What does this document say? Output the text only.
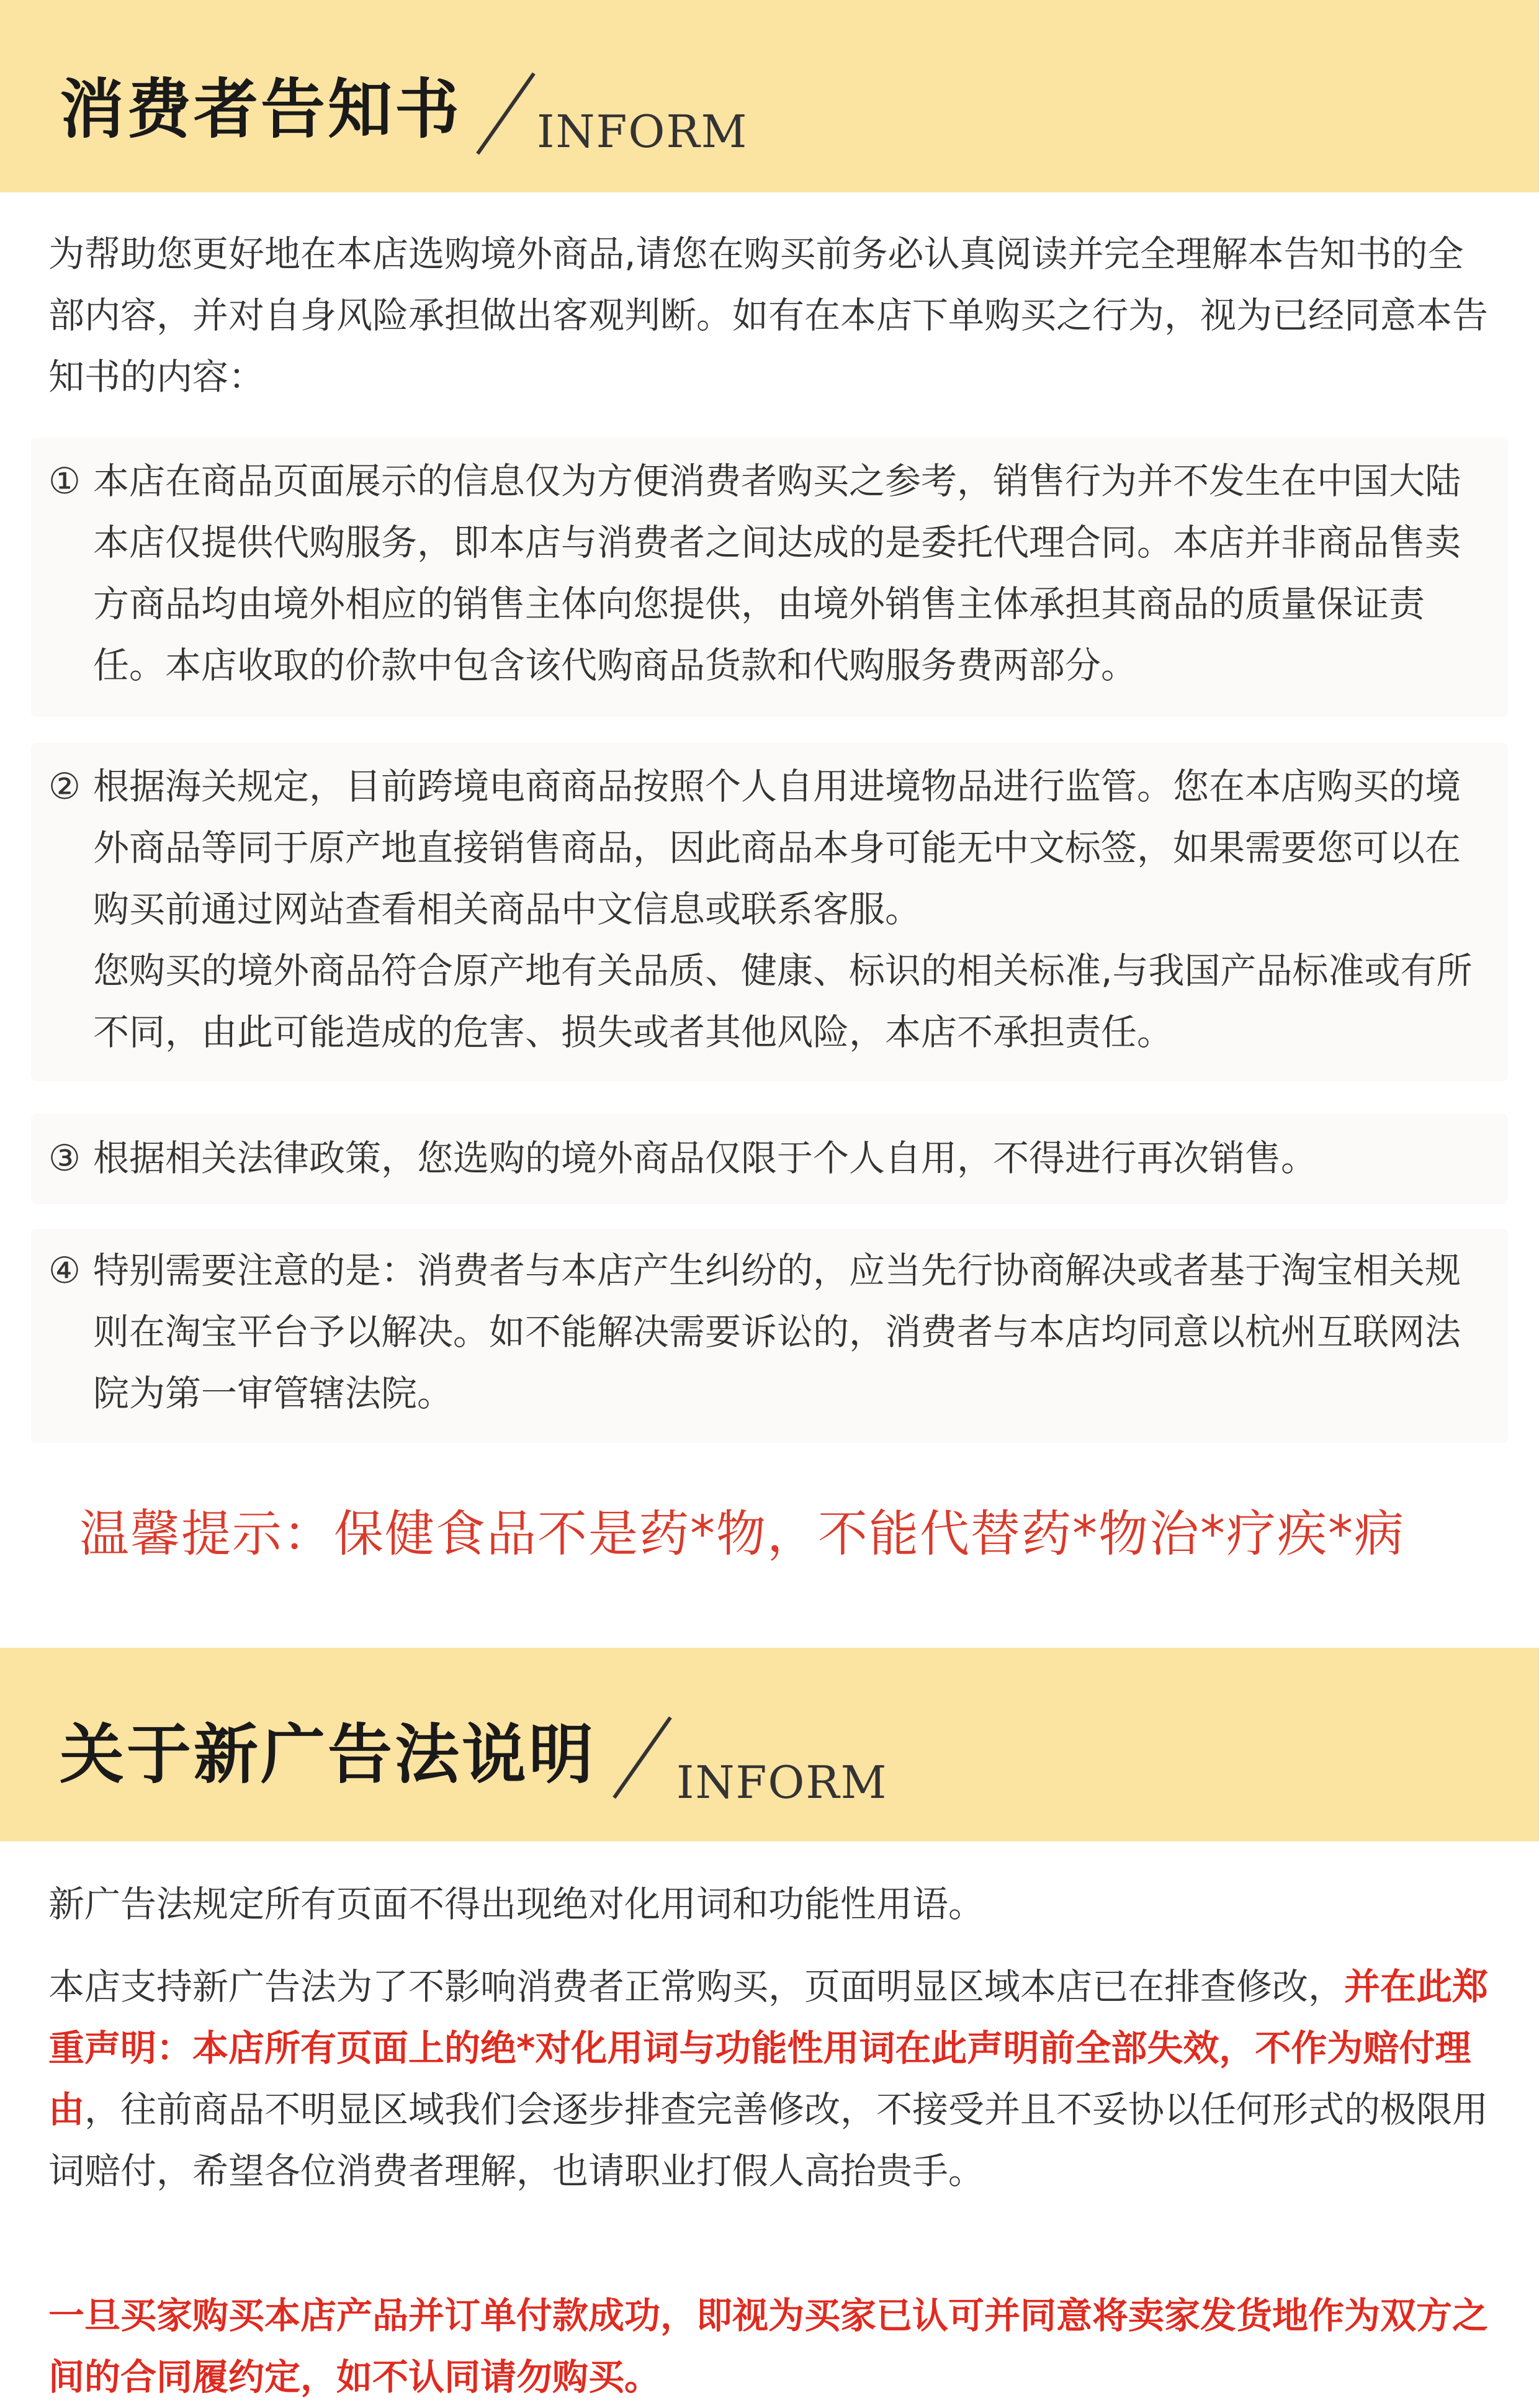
消费者告知书 INFORM
为帮助您更好地在本店选购境外商品,请您在购买前务必认真阅读并完全理解本告知书的全部内容，并对自身风险承担做出客观判断。如有在本店下单购买之行为，视为已经同意本告知书的内容：
① 本店在商品页面展示的信息仅为方便消费者购买之参考，销售行为并不发生在中国大陆本店仅提供代购服务，即本店与消费者之间达成的是委托代理合同。本店并非商品售卖方商品均由境外相应的销售主体向您提供，由境外销售主体承担其商品的质量保证责任。本店收取的价款中包含该代购商品货款和代购服务费两部分。
② 根据海关规定，目前跨境电商商品按照个人自用进境物品进行监管。您在本店购买的境外商品等同于原产地直接销售商品，因此商品本身可能无中文标签，如果需要您可以在购买前通过网站查看相关商品中文信息或联系客服。
您购买的境外商品符合原产地有关品质、健康、标识的相关标准,与我国产品标准或有所不同，由此可能造成的危害、损失或者其他风险，本店不承担责任。
③ 根据相关法律政策，您选购的境外商品仅限于个人自用，不得进行再次销售。
④ 特别需要注意的是：消费者与本店产生纠纷的，应当先行协商解决或者基于淘宝相关规则在淘宝平台予以解决。如不能解决需要诉讼的，消费者与本店均同意以杭州互联网法院为第一审管辖法院。
温馨提示：保健食品不是药*物，不能代替药*物治*疗疾*病
关于新广告法说明 INFORM
新广告法规定所有页面不得出现绝对化用词和功能性用语。
本店支持新广告法为了不影响消费者正常购买，页面明显区域本店已在排查修改，并在此郑重声明：本店所有页面上的绝*对化用词与功能性用词在此声明前全部失效，不作为赔付理由，往前商品不明显区域我们会逐步排查完善修改，不接受并且不妥协以任何形式的极限用词赔付，希望各位消费者理解，也请职业打假人高抬贵手。
一旦买家购买本店产品并订单付款成功，即视为买家已认可并同意将卖家发货地作为双方之间的合同履约定，如不认同请勿购买。
